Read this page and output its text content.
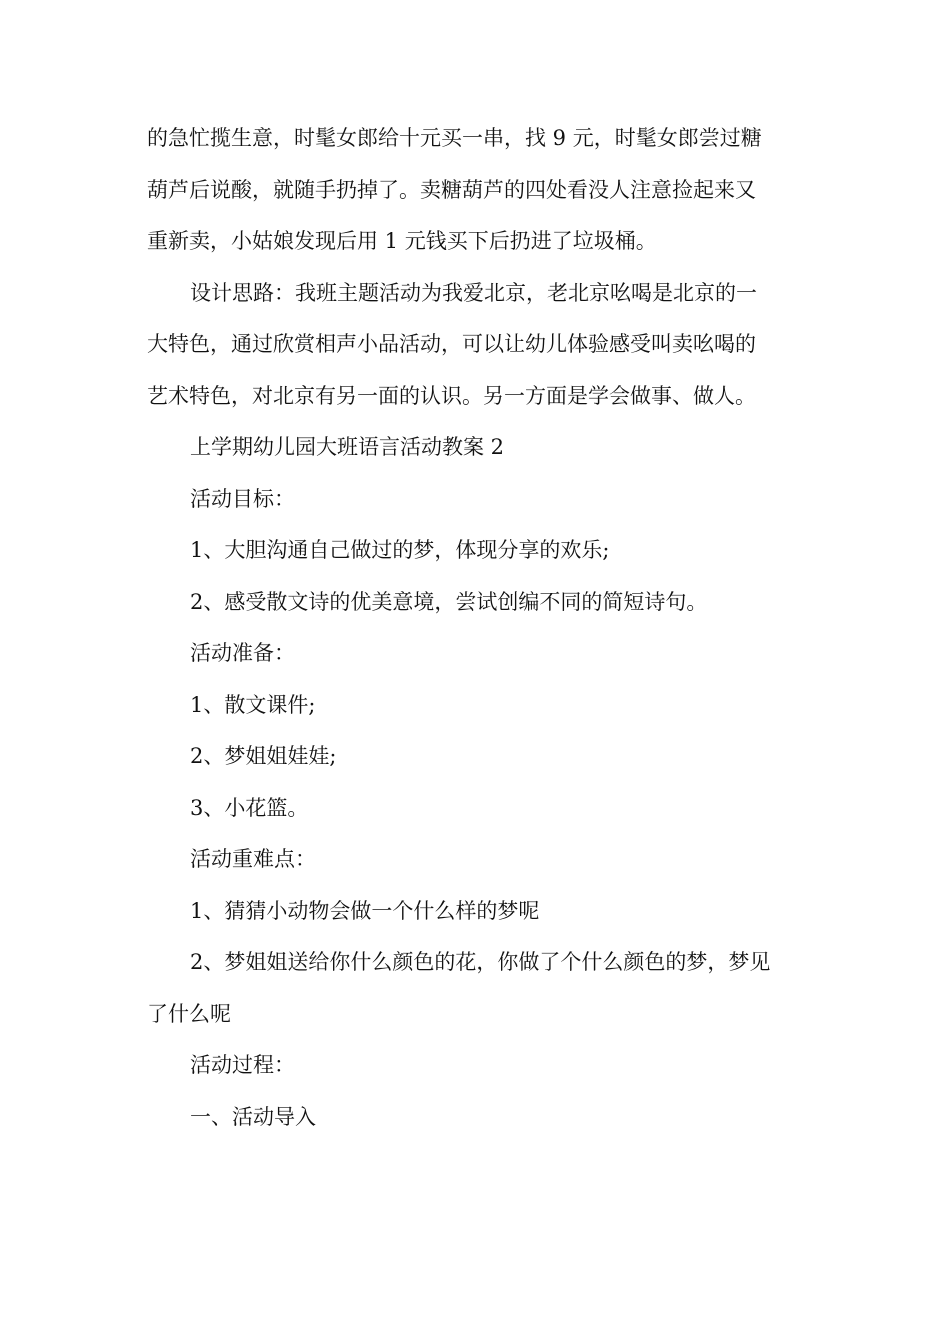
的急忙揽生意，时髦女郎给十元买一串，找 9 元，时髦女郎尝过糖
葫芦后说酸，就随手扔掉了。卖糖葫芦的四处看没人注意捡起来又
重新卖，小姑娘发现后用 1 元钱买下后扔进了垃圾桶。
设计思路：我班主题活动为我爱北京，老北京吆喝是北京的一
大特色，通过欣赏相声小品活动，可以让幼儿体验感受叫卖吆喝的
艺术特色，对北京有另一面的认识。另一方面是学会做事、做人。
上学期幼儿园大班语言活动教案 2
活动目标：
1、大胆沟通自己做过的梦，体现分享的欢乐;
2、感受散文诗的优美意境，尝试创编不同的简短诗句。
活动准备：
1、散文课件;
2、梦姐姐娃娃;
3、小花篮。
活动重难点：
1、猜猜小动物会做一个什么样的梦呢
2、梦姐姐送给你什么颜色的花，你做了个什么颜色的梦，梦见
了什么呢
活动过程：
一、活动导入
